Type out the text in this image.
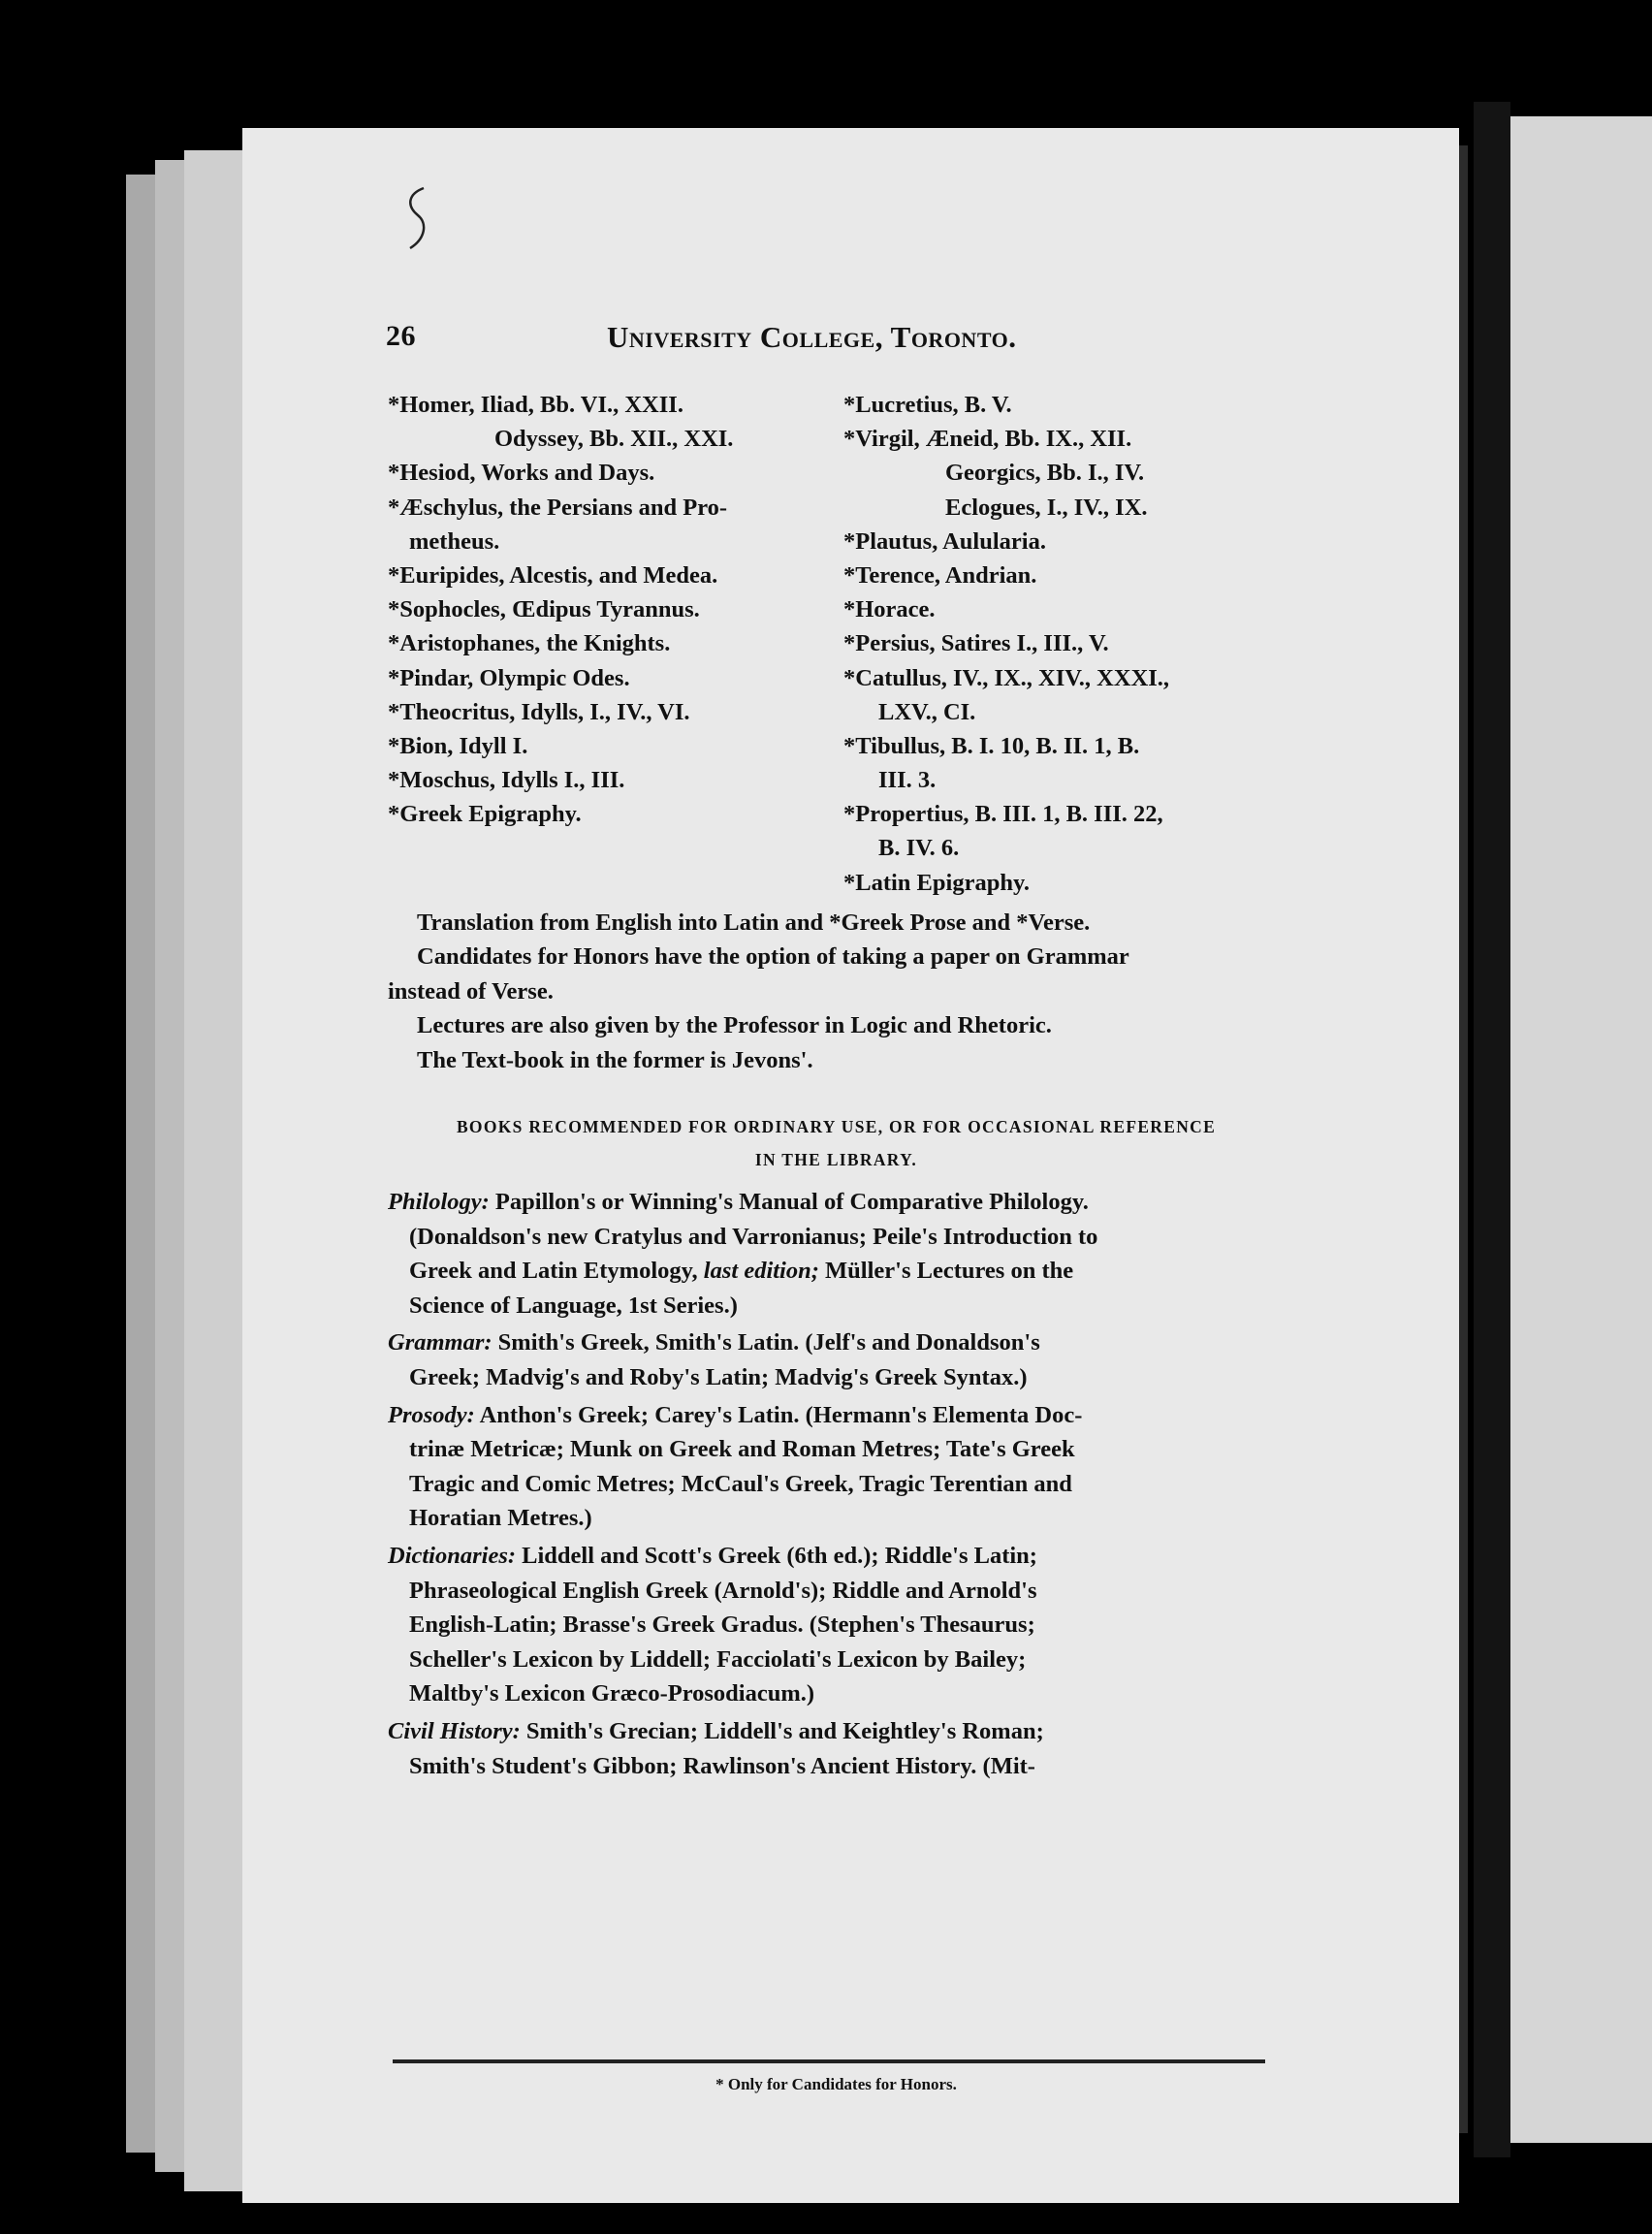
26	University College, Toronto.
*Homer, Iliad, Bb. VI., XXII.
Odyssey, Bb. XII., XXI.
*Hesiod, Works and Days.
*Æschylus, the Persians and Pro-
metheus.
*Euripides, Alcestis, and Medea.
*Sophocles, Œdipus Tyrannus.
*Aristophanes, the Knights.
*Pindar, Olympic Odes.
*Theocritus, Idylls, I., IV., VI.
*Bion, Idyll I.
*Moschus, Idylls I., III.
*Greek Epigraphy.
*Lucretius, B. V.
*Virgil, Æneid, Bb. IX., XII.
Georgics, Bb. I., IV.
Eclogues, I., IV., IX.
*Plautus, Aulularia.
*Terence, Andrian.
*Horace.
*Persius, Satires I., III., V.
*Catullus, IV., IX., XIV., XXXI.,
LXV., CI.
*Tibullus, B. I. 10, B. II. 1, B.
III. 3.
*Propertius, B. III. 1, B. III. 22,
B. IV. 6.
*Latin Epigraphy.
Translation from English into Latin and *Greek Prose and *Verse.
Candidates for Honors have the option of taking a paper on Grammar
instead of Verse.
Lectures are also given by the Professor in Logic and Rhetoric.
The Text-book in the former is Jevons'.
BOOKS RECOMMENDED FOR ORDINARY USE, OR FOR OCCASIONAL REFERENCE
IN THE LIBRARY.
Philology: Papillon's or Winning's Manual of Comparative Philology.
(Donaldson's new Cratylus and Varronianus; Peile's Introduction to
Greek and Latin Etymology, last edition; Müller's Lectures on the
Science of Language, 1st Series.)
Grammar: Smith's Greek, Smith's Latin. (Jelf's and Donaldson's
Greek; Madvig's and Roby's Latin; Madvig's Greek Syntax.)
Prosody: Anthon's Greek; Carey's Latin. (Hermann's Elementa Doc-
trinæ Metricæ; Munk on Greek and Roman Metres; Tate's Greek
Tragic and Comic Metres; McCaul's Greek, Tragic Terentian and
Horatian Metres.)
Dictionaries: Liddell and Scott's Greek (6th ed.); Riddle's Latin;
Phraseological English Greek (Arnold's); Riddle and Arnold's
English-Latin; Brasse's Greek Gradus. (Stephen's Thesaurus;
Scheller's Lexicon by Liddell; Facciolati's Lexicon by Bailey;
Maltby's Lexicon Græco-Prosodiacum.)
Civil History: Smith's Grecian; Liddell's and Keightley's Roman;
Smith's Student's Gibbon; Rawlinson's Ancient History. (Mit-
* Only for Candidates for Honors.
